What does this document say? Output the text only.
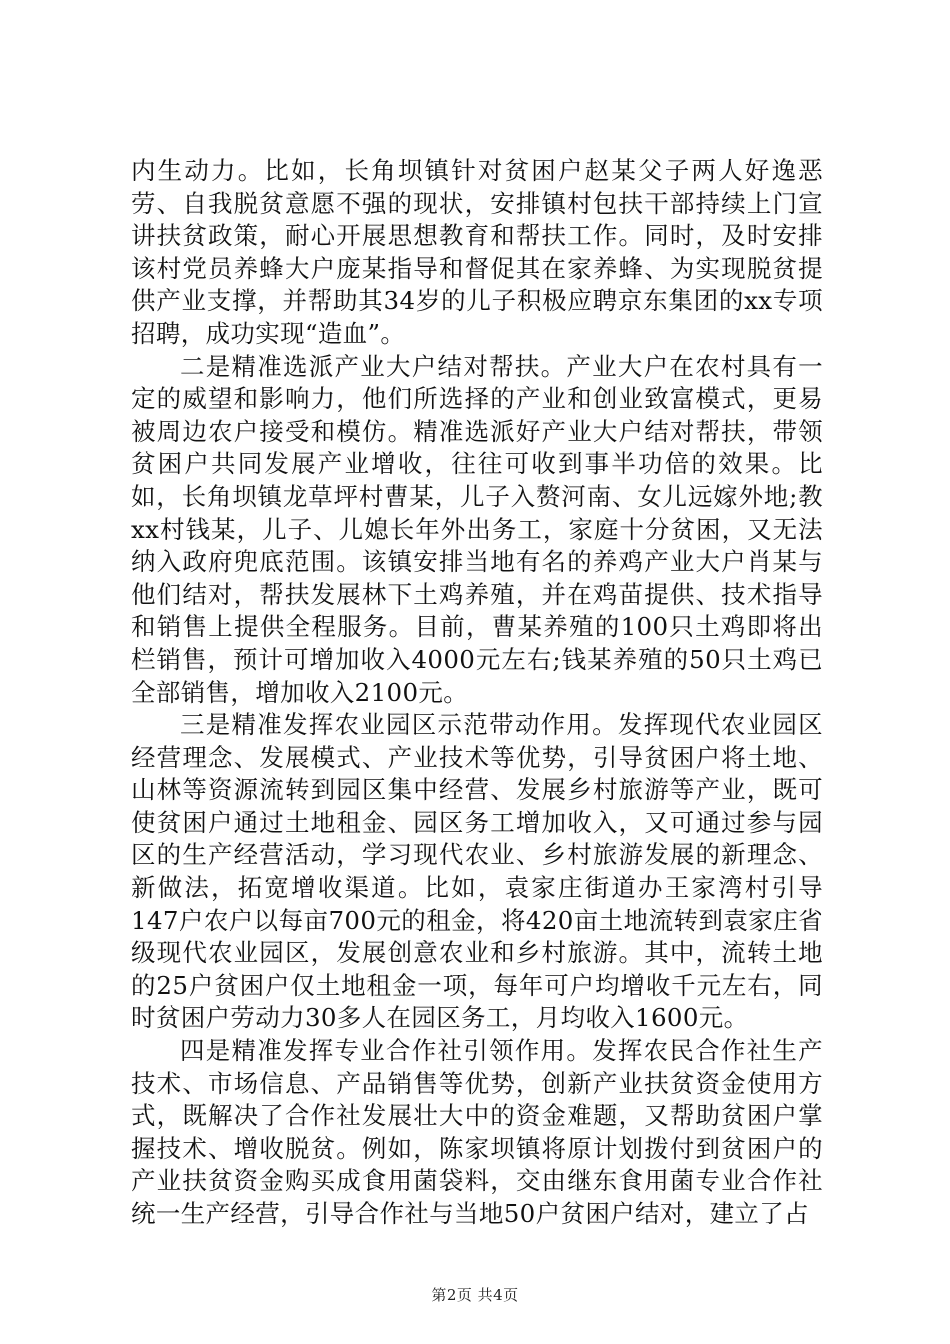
内生动力。比如，长角坝镇针对贫困户赵某父子两人好逸恶劳、自我脱贫意愿不强的现状，安排镇村包扶干部持续上门宣讲扶贫政策，耐心开展思想教育和帮扶工作。同时，及时安排该村党员养蜂大户庞某指导和督促其在家养蜂、为实现脱贫提供产业支撑，并帮助其34岁的儿子积极应聘京东集团的xx专项招聘，成功实现“造血”。

二是精准选派产业大户结对帮扶。产业大户在农村具有一定的威望和影响力，他们所选择的产业和创业致富模式，更易被周边农户接受和模仿。精准选派好产业大户结对帮扶，带领贫困户共同发展产业增收，往往可收到事半功倍的效果。比如，长角坝镇龙草坪村曹某，儿子入赘河南、女儿远嫁外地;教xx村钱某，儿子、儿媳长年外出务工，家庭十分贫困，又无法纳入政府兜底范围。该镇安排当地有名的养鸡产业大户肖某与他们结对，帮扶发展林下土鸡养殖，并在鸡苗提供、技术指导和销售上提供全程服务。目前，曹某养殖的100只土鸡即将出栏销售，预计可增加收入4000元左右;钱某养殖的50只土鸡已全部销售，增加收入2100元。

三是精准发挥农业园区示范带动作用。发挥现代农业园区经营理念、发展模式、产业技术等优势，引导贫困户将土地、山林等资源流转到园区集中经营、发展乡村旅游等产业，既可使贫困户通过土地租金、园区务工增加收入，又可通过参与园区的生产经营活动，学习现代农业、乡村旅游发展的新理念、新做法，拓宽增收渠道。比如，袁家庄街道办王家湾村引导147户农户以每亩700元的租金，将420亩土地流转到袁家庄省级现代农业园区，发展创意农业和乡村旅游。其中，流转土地的25户贫困户仅土地租金一项，每年可户均增收千元左右，同时贫困户劳动力30多人在园区务工，月均收入1600元。

四是精准发挥专业合作社引领作用。发挥农民合作社生产技术、市场信息、产品销售等优势，创新产业扶贫资金使用方式，既解决了合作社发展壮大中的资金难题，又帮助贫困户掌握技术、增收脱贫。例如，陈家坝镇将原计划拨付到贫困户的产业扶贫资金购买成食用菌袋料，交由继东食用菌专业合作社统一生产经营，引导合作社与当地50户贫困户结对，建立了占

第2页 共4页
